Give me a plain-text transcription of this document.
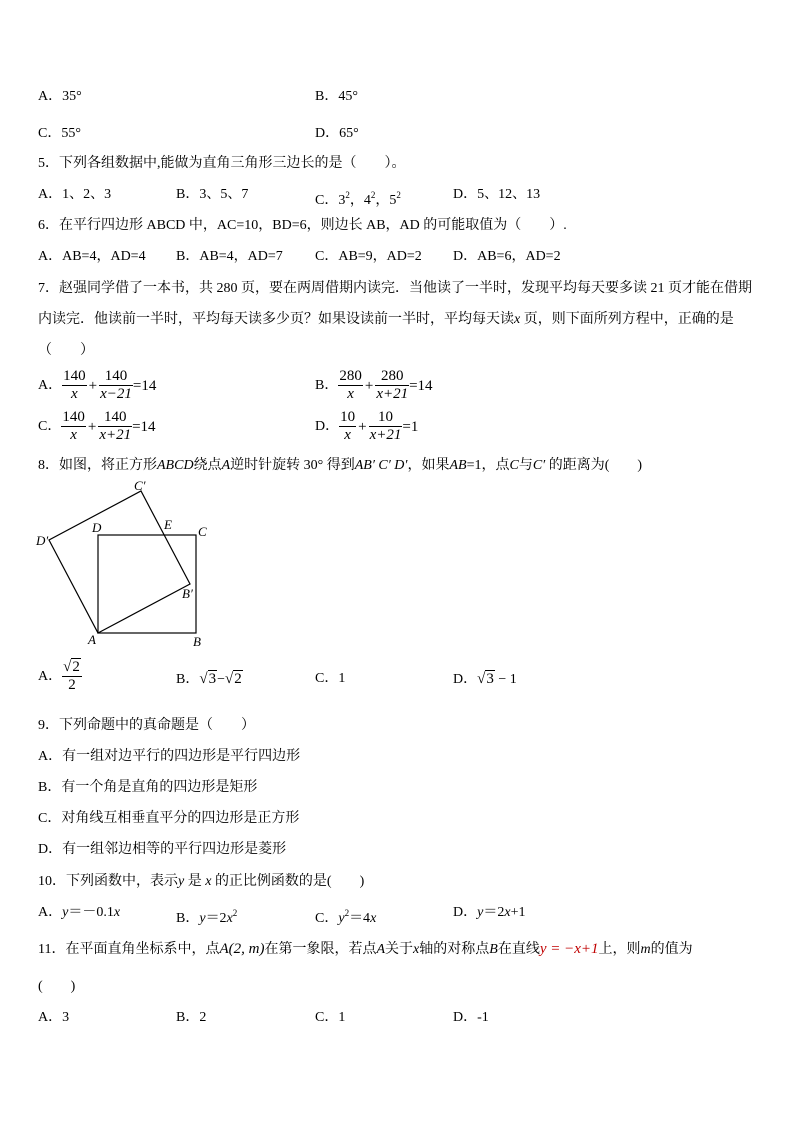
A．35°	B．45°
C．55°	D．65°
5．下列各组数据中,能做为直角三角形三边长的是（　　）。
A．1、2、3	B．3、5、7	C．$3^2$，$4^2$，$5^2$	D．5、12、13
6．在平行四边形 ABCD 中，AC=10，BD=6，则边长 AB，AD 的可能取值为（　　）.
A．AB=4，AD=4 B．AB=4，AD=7 C．AB=9，AD=2 D．AB=6，AD=2
7．赵强同学借了一本书，共 280 页，要在两周借期内读完．当他读了一半时，发现平均每天要多读 21 页才能在借期
内读完．他读前一半时，平均每天读多少页？如果设读前一半时，平均每天读x 页，则下面所列方程中，正确的是
（　　）
A． $\frac{140}{x} + \frac{140}{x-21} =14$	B． $\frac{280}{x} + \frac{280}{x+21} =14$
C． $\frac{140}{x} + \frac{140}{x+21} =14$	D． $\frac{10}{x} + \frac{10}{x+21} =1$
8．如图，将正方形ABCD绕点A逆时针旋转 30° 得到AB′ C′ D′，如果AB=1，点C与C′ 的距离为(　　)
C′
D′
D	E C
B′
A	B
A． $\frac{√2}{2}$	B．√3−√2	C．1	D．√3 − 1
9．下列命题中的真命题是（　　）
A．有一组对边平行的四边形是平行四边形
B．有一个角是直角的四边形是矩形
C．对角线互相垂直平分的四边形是正方形
D．有一组邻边相等的平行四边形是菱形
10．下列函数中，表示y 是 x 的正比例函数的是(　　)
A．y＝－0.1x	B．$y=2x^2$	C．$y^2=4x$	D．y＝2x+1
11．在平面直角坐标系中，点A(2, m)在第一象限，若点A关于x轴的对称点B在直线y = −x+1上，则m的值为
(　　)
A．3	B．2	C．1	D．-1
